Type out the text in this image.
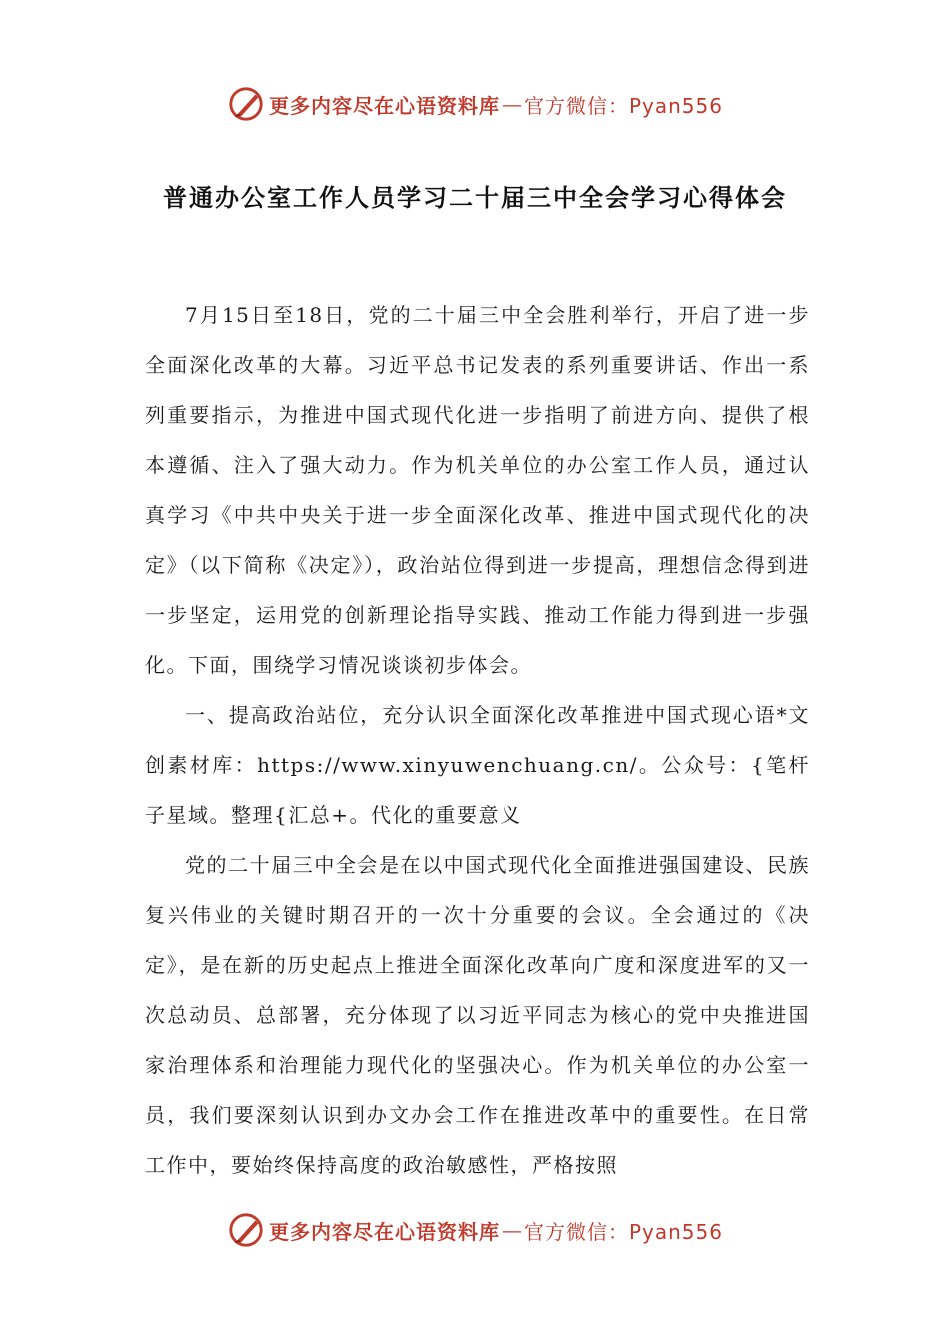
更多内容尽在心语资料库 — 官方微信：Pyan556
普通办公室工作人员学习二十届三中全会学习心得体会

7月15日至18日，党的二十届三中全会胜利举行，开启了进一步全面深化改革的大幕。习近平总书记发表的系列重要讲话、作出一系列重要指示，为推进中国式现代化进一步指明了前进方向、提供了根本遵循、注入了强大动力。作为机关单位的办公室工作人员，通过认真学习《中共中央关于进一步全面深化改革、推进中国式现代化的决定》（以下简称《决定》），政治站位得到进一步提高，理想信念得到进一步坚定，运用党的创新理论指导实践、推动工作能力得到进一步强化。下面，围绕学习情况谈谈初步体会。

一、提高政治站位，充分认识全面深化改革推进中国式现心语*文创素材库：https://www.xinyuwenchuang.cn/。公众号：{笔杆子星域。整理{汇总+。代化的重要意义

党的二十届三中全会是在以中国式现代化全面推进强国建设、民族复兴伟业的关键时期召开的一次十分重要的会议。全会通过的《决定》，是在新的历史起点上推进全面深化改革向广度和深度进军的又一次总动员、总部署，充分体现了以习近平同志为核心的党中央推进国家治理体系和治理能力现代化的坚强决心。作为机关单位的办公室一员，我们要深刻认识到办文办会工作在推进改革中的重要性。在日常工作中，要始终保持高度的政治敏感性，严格按照

更多内容尽在心语资料库 — 官方微信：Pyan556
